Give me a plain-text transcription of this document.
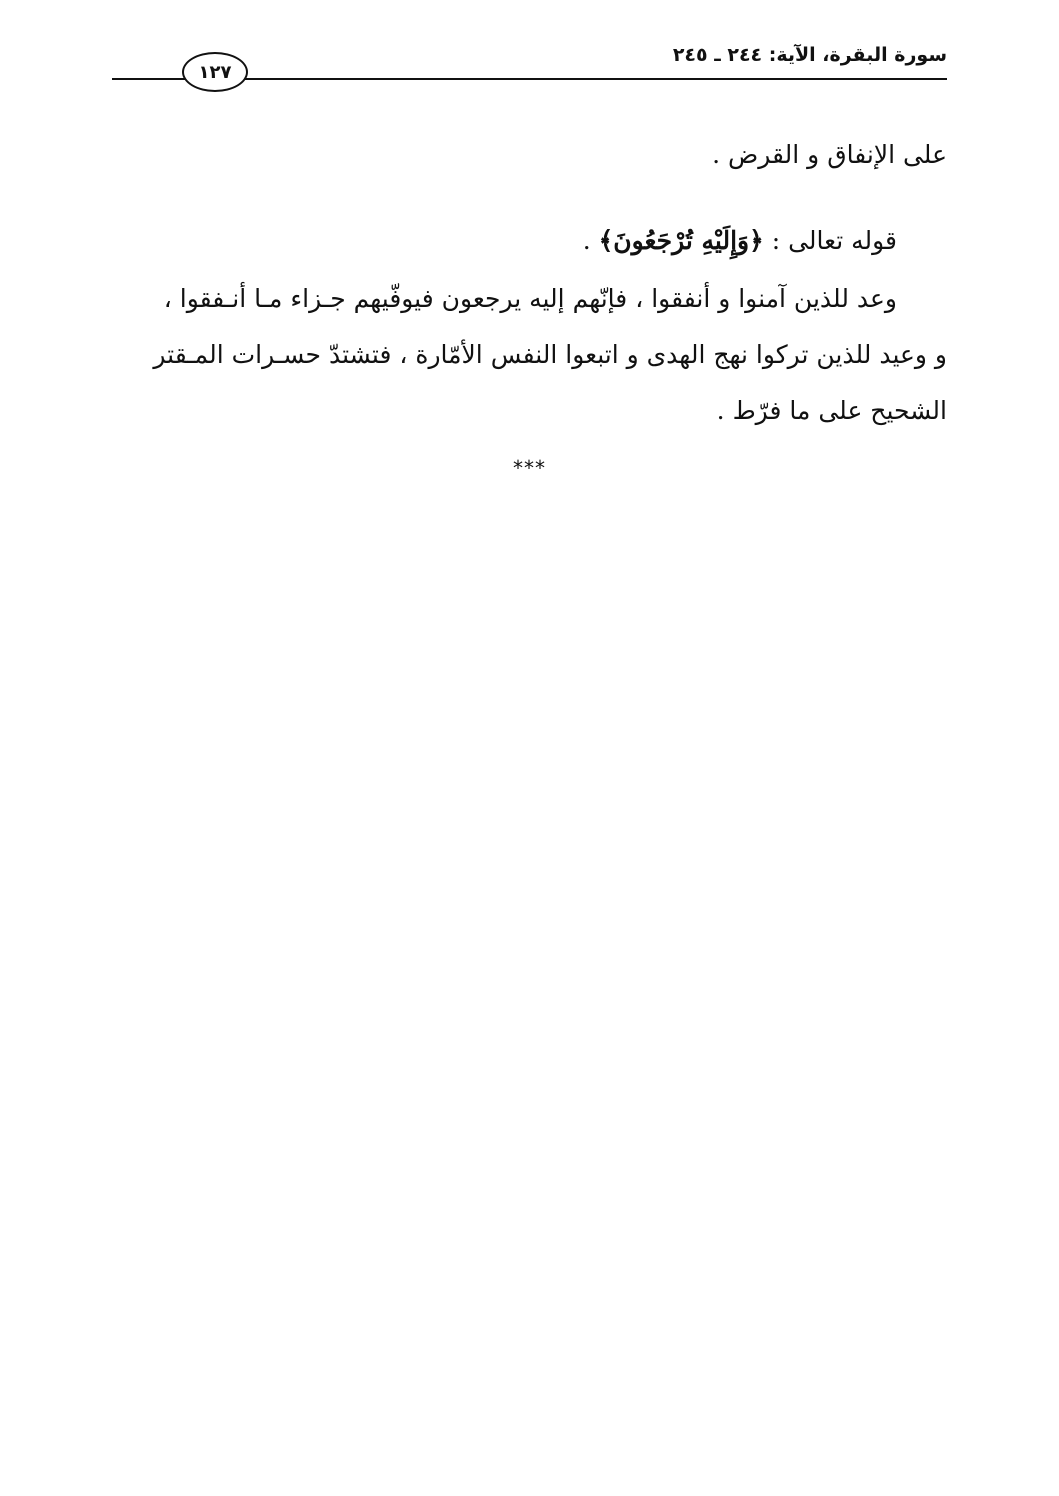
سورة البقرة، الآية: ٢٤٤ ـ ٢٤٥
١٢٧
على الإنفاق و القرض .
قوله تعالى : ﴿وَإِلَيْهِ تُرْجَعُونَ﴾ .
وعد للذين آمنوا و أنفقوا ، فإنّهم إليه يرجعون فيوفّيهم جـزاء مـا أنـفقوا ،
و وعيد للذين تركوا نهج الهدى و اتبعوا النفس الأمّارة ، فتشتدّ حسـرات المـقتر
الشحيح على ما فرّط .
***
